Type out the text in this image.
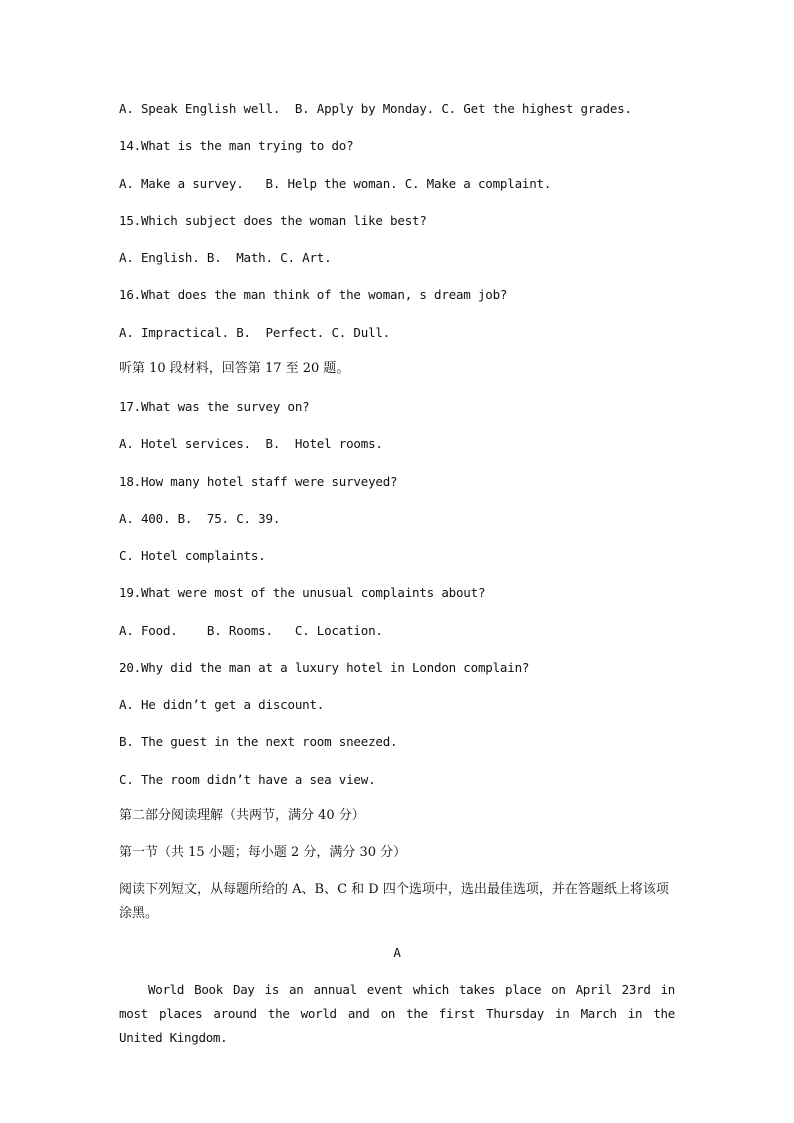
A. Speak English well.  B. Apply by Monday. C. Get the highest grades.
14.What is the man trying to do?
A. Make a survey.   B. Help the woman. C. Make a complaint.
15.Which subject does the woman like best?
A. English. B.  Math. C. Art.
16.What does the man think of the woman, s dream job?
A. Impractical. B.  Perfect. C. Dull.
听第 10 段材料，回答第 17 至 20 题。
17.What was the survey on?
A. Hotel services.  B.  Hotel rooms.
18.How many hotel staff were surveyed?
A. 400. B.  75. C. 39.
C. Hotel complaints.
19.What were most of the unusual complaints about?
A. Food.    B. Rooms.   C. Location.
20.Why did the man at a luxury hotel in London complain?
A. He didn’t get a discount.
B. The guest in the next room sneezed.
C. The room didn’t have a sea view.
第二部分阅读理解（共两节，满分 40 分）
第一节（共 15 小题；每小题 2 分，满分 30 分）
阅读下列短文，从每题所给的 A、B、C 和 D 四个选项中，选出最佳选项，并在答题纸上将该项涂黑。
A
World Book Day is an annual event which takes place on April 23rd in most places around the world and on the first Thursday in March in the United Kingdom.
